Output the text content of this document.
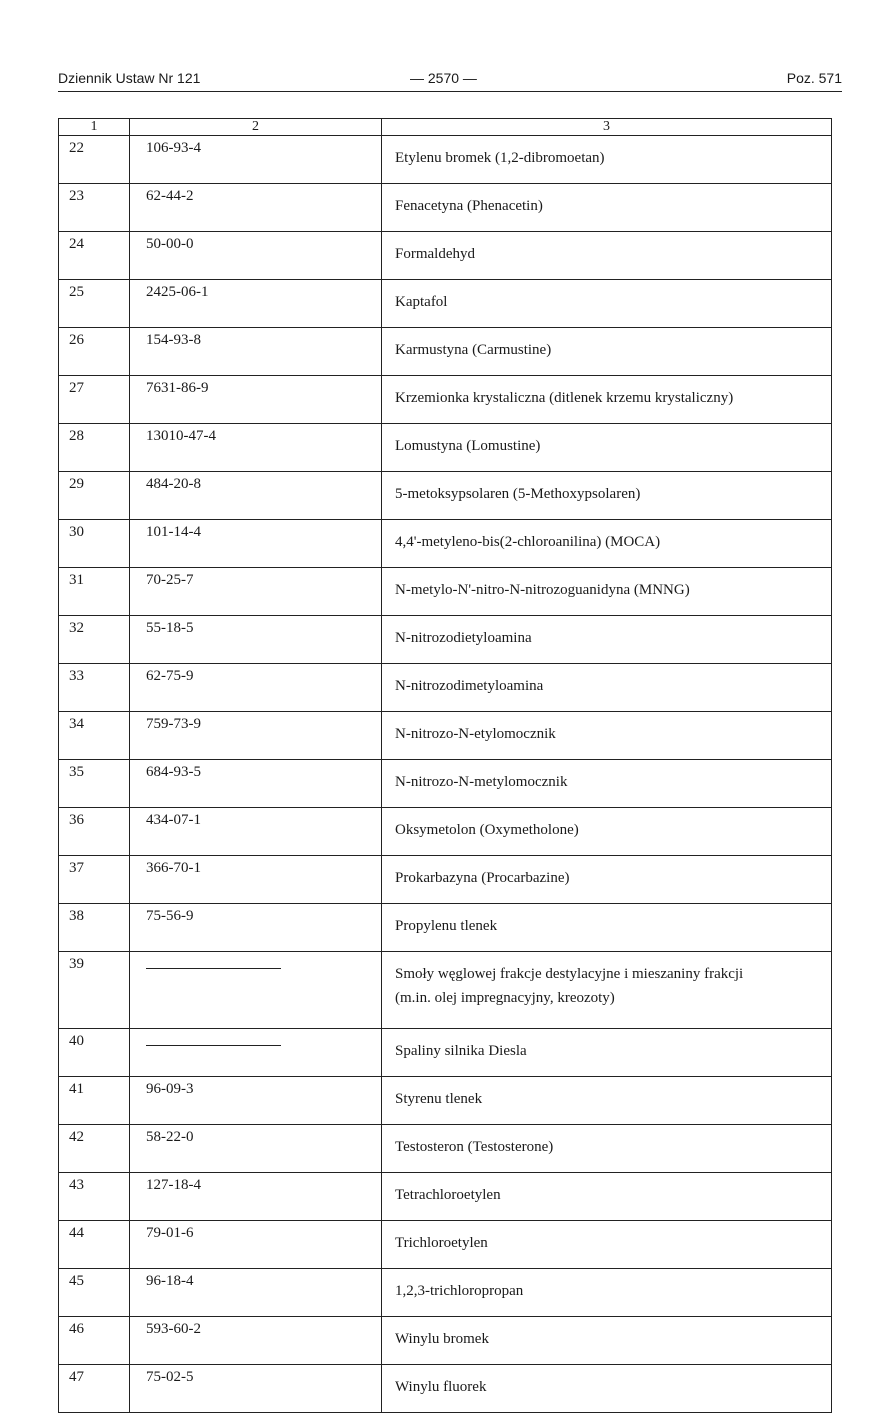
Dziennik Ustaw Nr 121	— 2570 —	Poz. 571
1	2	3
22	106-93-4	Etylenu bromek (1,2-dibromoetan)

23	62-44-2	Fenacetyna (Phenacetin)

24	50-00-0	Formaldehyd

25	2425-06-1	Kaptafol

26	154-93-8	Karmustyna (Carmustine)

27	7631-86-9	Krzemionka krystaliczna (ditlenek krzemu krystaliczny)

28	13010-47-4	Lomustyna (Lomustine)

29	484-20-8	5-metoksypsolaren (5-Methoxypsolaren)

30	101-14-4	4,4'-metyleno-bis(2-chloroanilina) (MOCA)

31	70-25-7	N-metylo-N'-nitro-N-nitrozoguanidyna (MNNG)

32	55-18-5	N-nitrozodietyloamina

33	62-75-9	N-nitrozodimetyloamina

34	759-73-9	N-nitrozo-N-etylomocznik

35	684-93-5	N-nitrozo-N-metylomocznik

36	434-07-1	Oksymetolon (Oxymetholone)

37	366-70-1	Prokarbazyna (Procarbazine)

38	75-56-9	Propylenu tlenek

39		Smoły węglowej frakcje destylacyjne i mieszaniny frakcji
(m.in. olej impregnacyjny, kreozoty)

40		Spaliny silnika Diesla

41	96-09-3	Styrenu tlenek

42	58-22-0	Testosteron (Testosterone)

43	127-18-4	Tetrachloroetylen

44	79-01-6	Trichloroetylen

45	96-18-4	1,2,3-trichloropropan

46	593-60-2	Winylu bromek

47	75-02-5	Winylu fluorek
